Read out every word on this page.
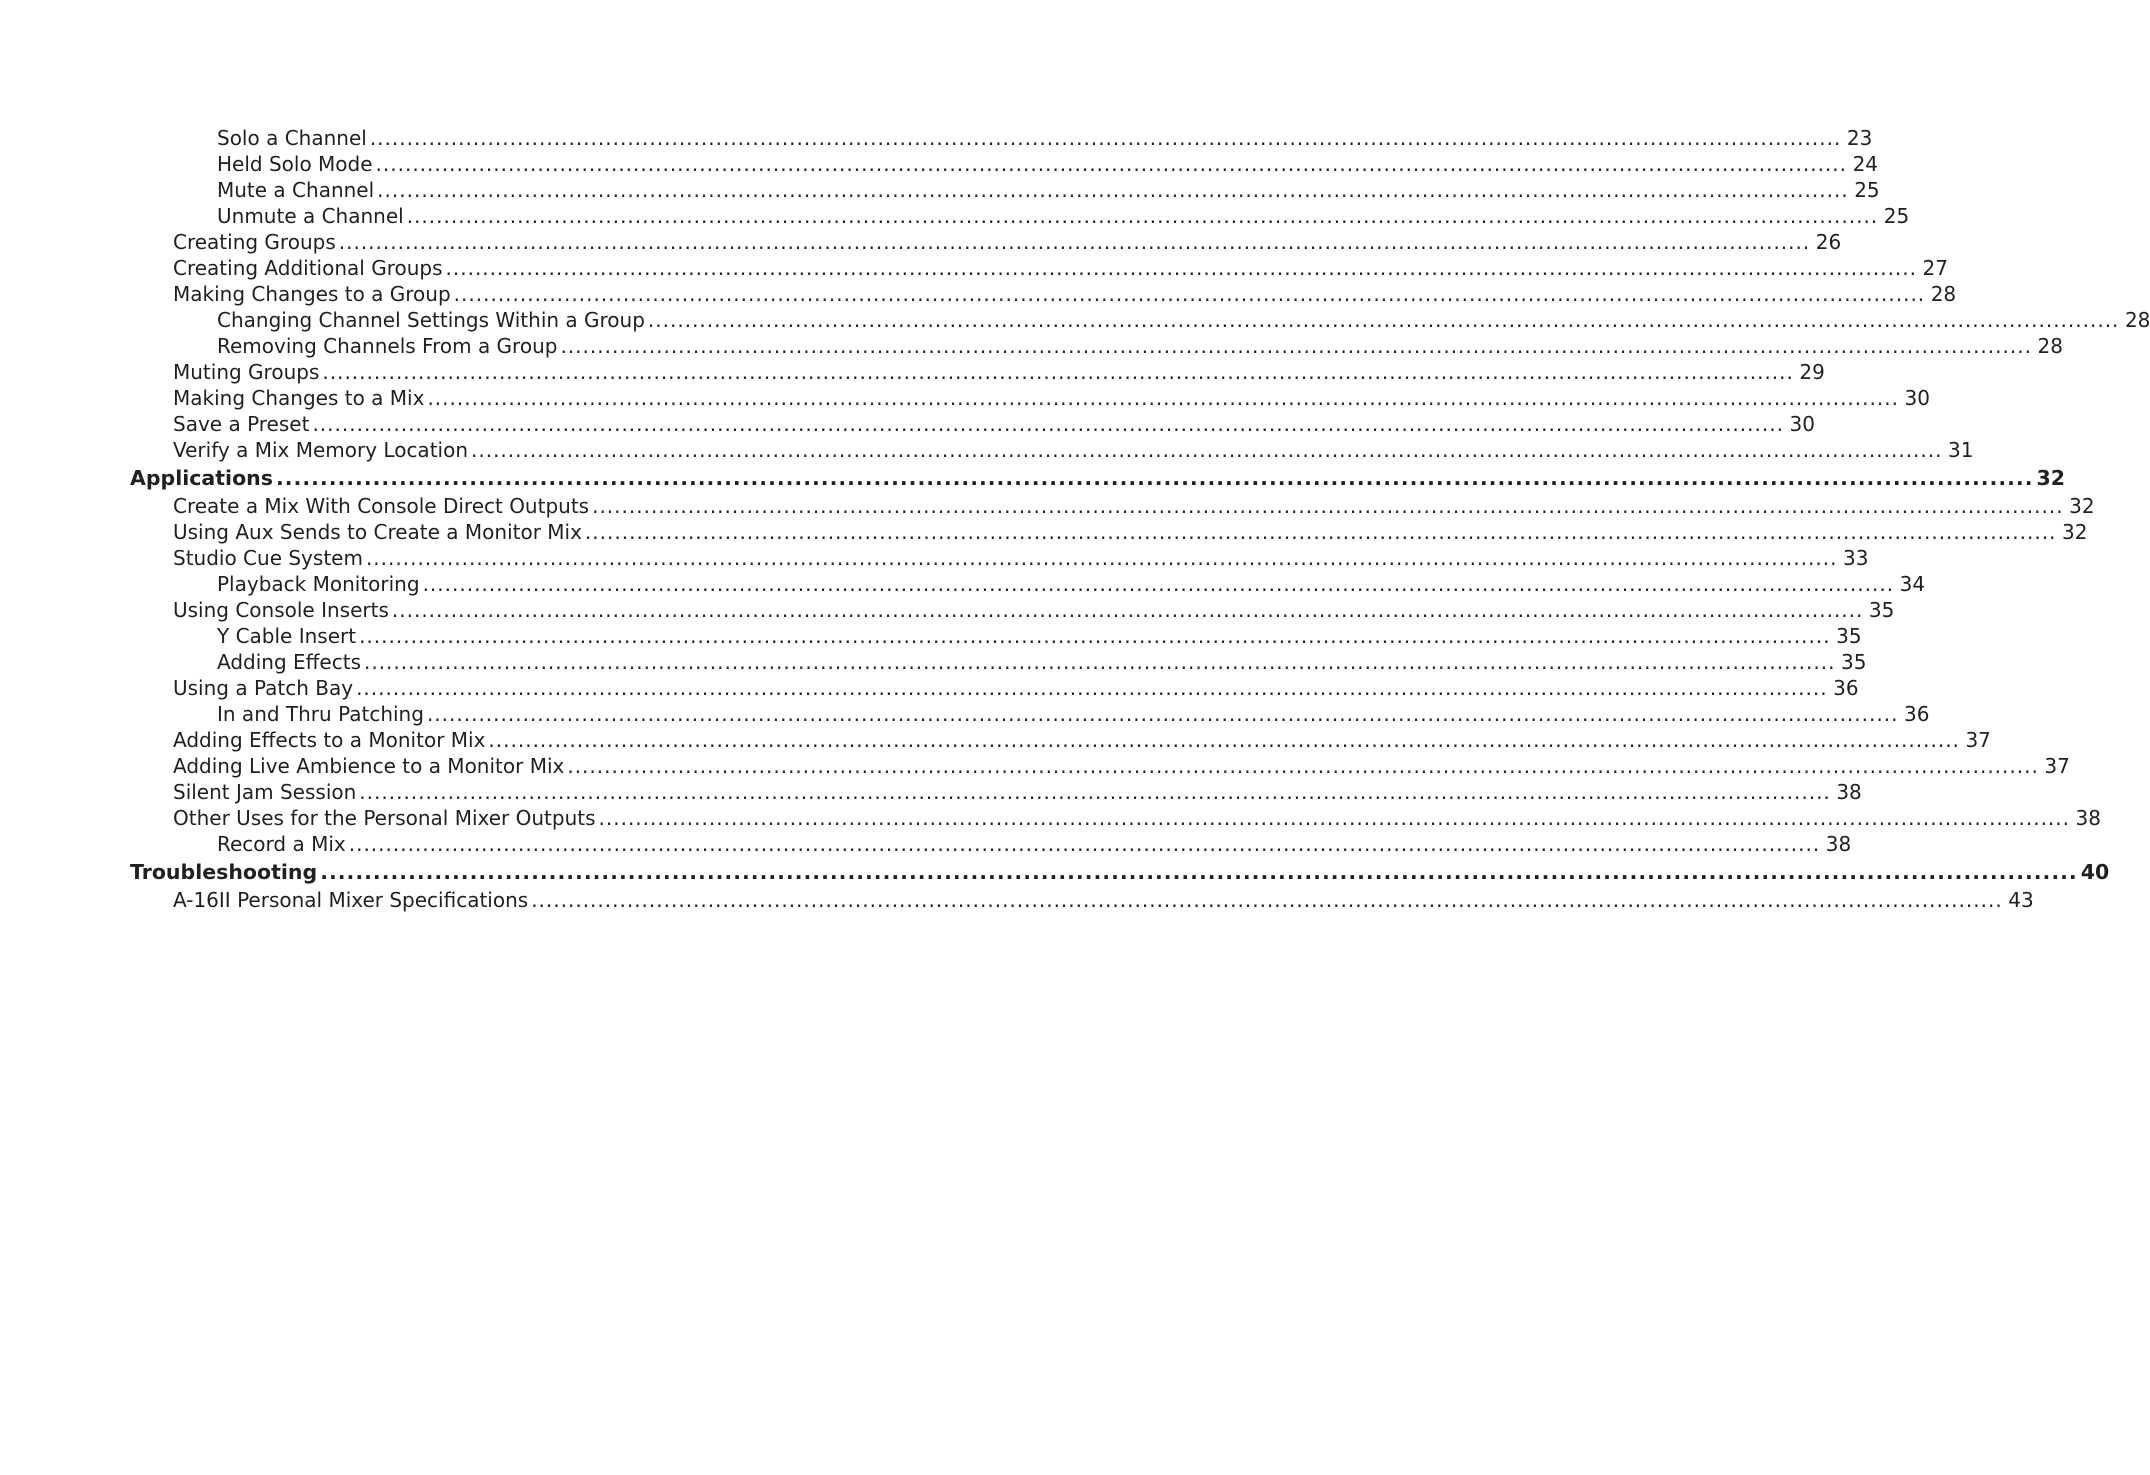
Solo a Channel ........................................................................................................................................................................................................ 23
Held Solo Mode ........................................................................................................................................................................................................ 24
Mute a Channel ........................................................................................................................................................................................................ 25
Unmute a Channel ........................................................................................................................................................................................................ 25
Creating Groups ........................................................................................................................................................................................................ 26
Creating Additional Groups ........................................................................................................................................................................................................ 27
Making Changes to a Group ........................................................................................................................................................................................................ 28
Changing Channel Settings Within a Group ........................................................................................................................................................................................................ 28
Removing Channels From a Group ........................................................................................................................................................................................................ 28
Muting Groups ........................................................................................................................................................................................................ 29
Making Changes to a Mix ........................................................................................................................................................................................................ 30
Save a Preset ........................................................................................................................................................................................................ 30
Verify a Mix Memory Location ........................................................................................................................................................................................................ 31
Applications ........................................................................................................................................................................................................ 32
Create a Mix With Console Direct Outputs ........................................................................................................................................................................................................ 32
Using Aux Sends to Create a Monitor Mix ........................................................................................................................................................................................................ 32
Studio Cue System ........................................................................................................................................................................................................ 33
Playback Monitoring ........................................................................................................................................................................................................ 34
Using Console Inserts ........................................................................................................................................................................................................ 35
Y Cable Insert ........................................................................................................................................................................................................ 35
Adding Effects ........................................................................................................................................................................................................ 35
Using a Patch Bay ........................................................................................................................................................................................................ 36
In and Thru Patching ........................................................................................................................................................................................................ 36
Adding Effects to a Monitor Mix ........................................................................................................................................................................................................ 37
Adding Live Ambience to a Monitor Mix ........................................................................................................................................................................................................ 37
Silent Jam Session ........................................................................................................................................................................................................ 38
Other Uses for the Personal Mixer Outputs ........................................................................................................................................................................................................ 38
Record a Mix ........................................................................................................................................................................................................ 38
Troubleshooting ........................................................................................................................................................................................................ 40
A-16II Personal Mixer Specifications ........................................................................................................................................................................................................ 43
